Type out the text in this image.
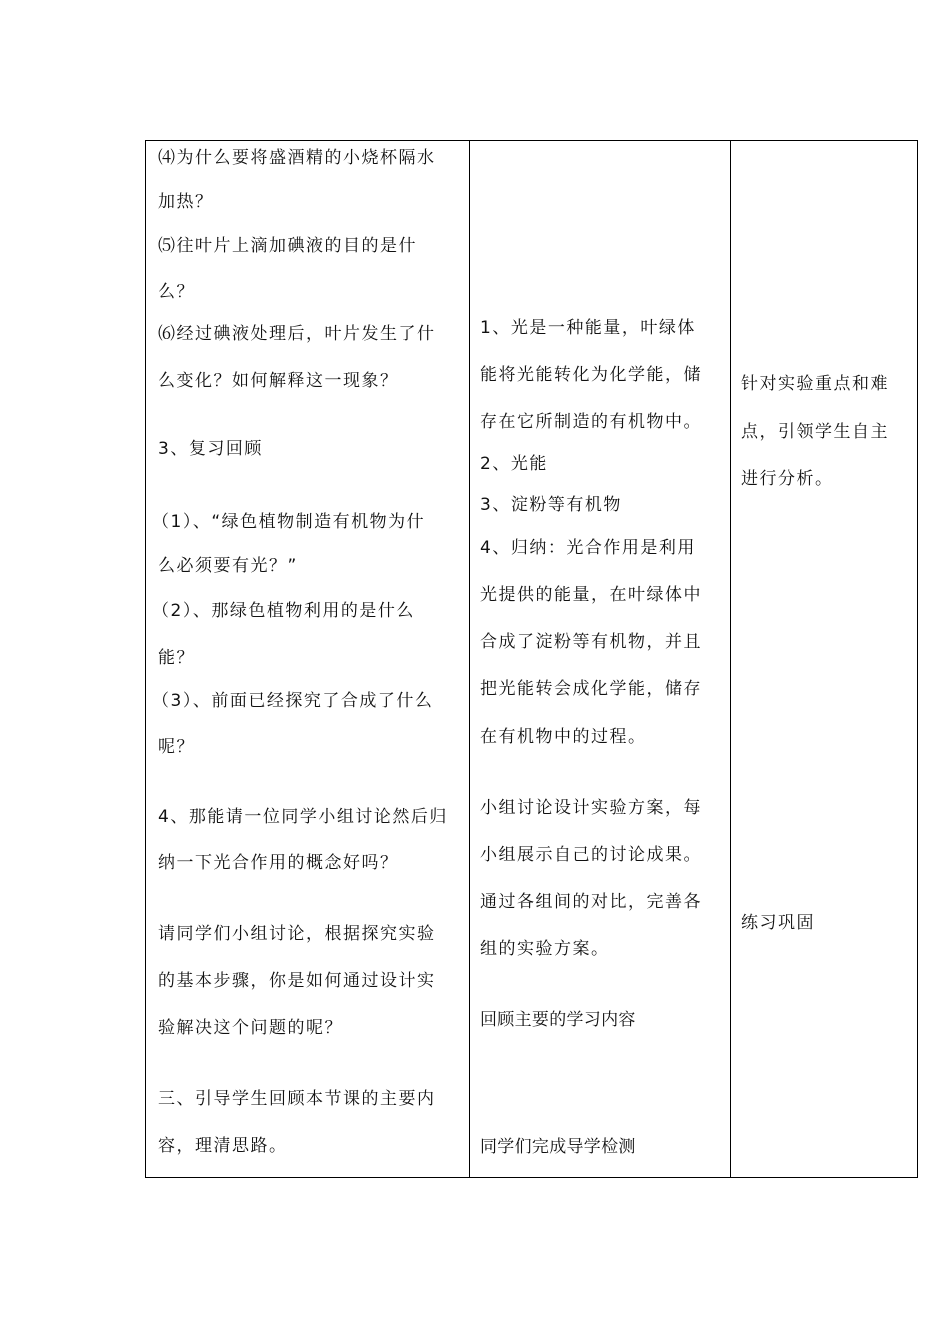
⑷为什么要将盛酒精的小烧杯隔水
加热？
⑸往叶片上滴加碘液的目的是什
么？
⑹经过碘液处理后，叶片发生了什
么变化？如何解释这一现象？
3、复习回顾
（1）、“绿色植物制造有机物为什
么必须要有光？”
（2）、那绿色植物利用的是什么
能？
（3）、前面已经探究了合成了什么
呢？
4、那能请一位同学小组讨论然后归
纳一下光合作用的概念好吗？
请同学们小组讨论，根据探究实验
的基本步骤，你是如何通过设计实
验解决这个问题的呢？
三、引导学生回顾本节课的主要内
容，理清思路。
1、光是一种能量，叶绿体
能将光能转化为化学能，储
存在它所制造的有机物中。
2、光能
3、淀粉等有机物
4、归纳：光合作用是利用
光提供的能量，在叶绿体中
合成了淀粉等有机物，并且
把光能转会成化学能，储存
在有机物中的过程。
小组讨论设计实验方案，每
小组展示自己的讨论成果。
通过各组间的对比，完善各
组的实验方案。
回顾主要的学习内容
同学们完成导学检测
针对实验重点和难
点，引领学生自主
进行分析。
练习巩固
